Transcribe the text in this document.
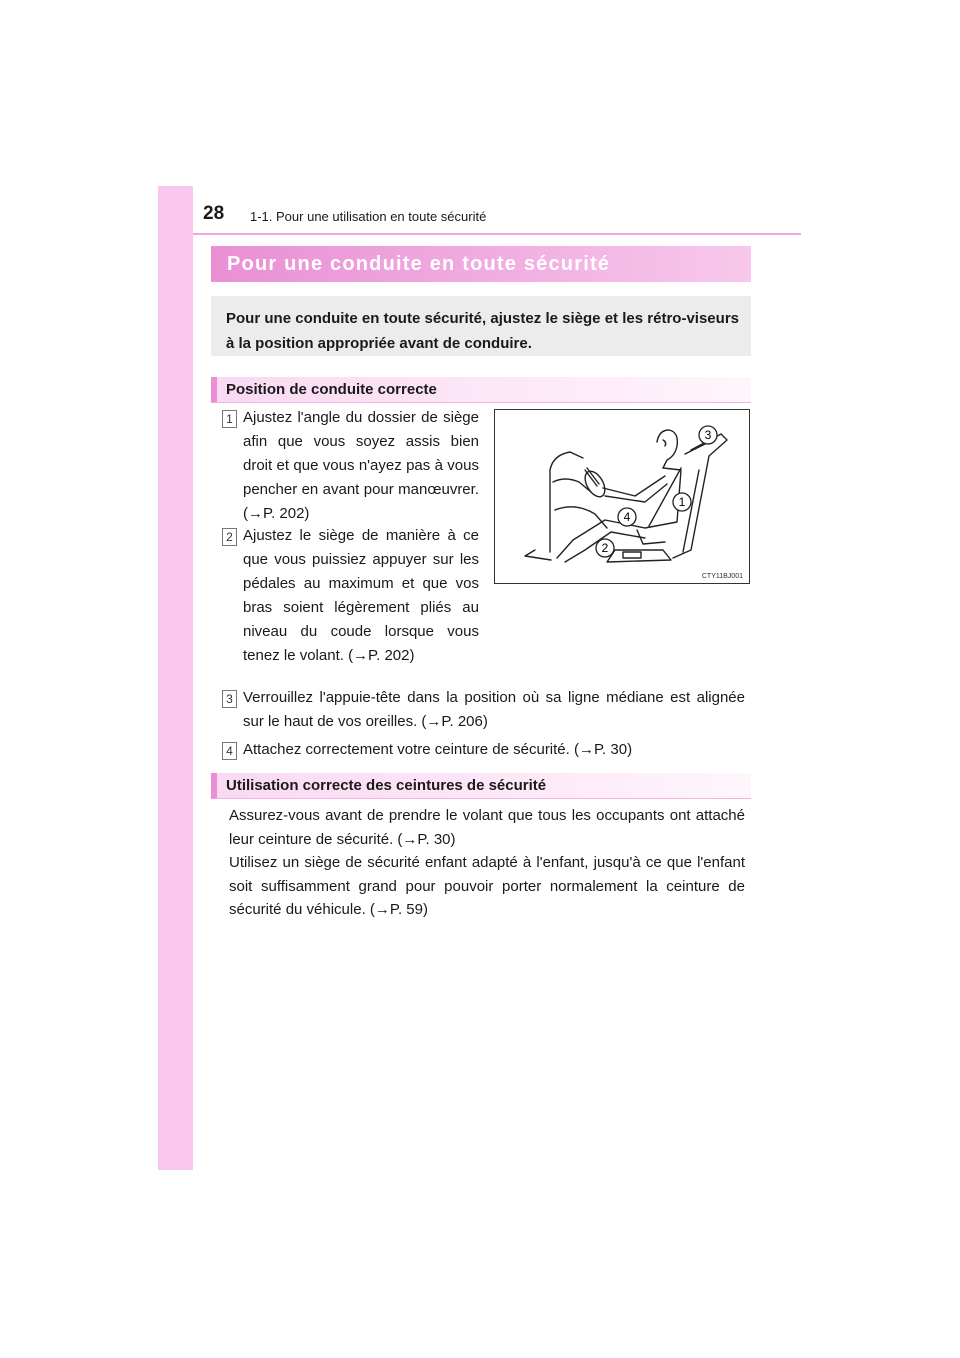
28 1-1. Pour une utilisation en toute sécurité
Pour une conduite en toute sécurité
Pour une conduite en toute sécurité, ajustez le siège et les rétro-viseurs à la position appropriée avant de conduire.
Position de conduite correcte
1 Ajustez l'angle du dossier de siège afin que vous soyez assis bien droit et que vous n'ayez pas à vous pencher en avant pour manœuvrer. (→P. 202)
2 Ajustez le siège de manière à ce que vous puissiez appuyer sur les pédales au maximum et que vos bras soient légèrement pliés au niveau du coude lorsque vous tenez le volant. (→P. 202)
3 Verrouillez l'appuie-tête dans la position où sa ligne médiane est alignée sur le haut de vos oreilles. (→P. 206)
4 Attachez correctement votre ceinture de sécurité. (→P. 30)
1
2
3
4
CTY11BJ001
Utilisation correcte des ceintures de sécurité

Assurez-vous avant de prendre le volant que tous les occupants ont attaché leur ceinture de sécurité. (→P. 30)

Utilisez un siège de sécurité enfant adapté à l'enfant, jusqu'à ce que l'enfant soit suffisamment grand pour pouvoir porter normalement la ceinture de sécurité du véhicule. (→P. 59)
